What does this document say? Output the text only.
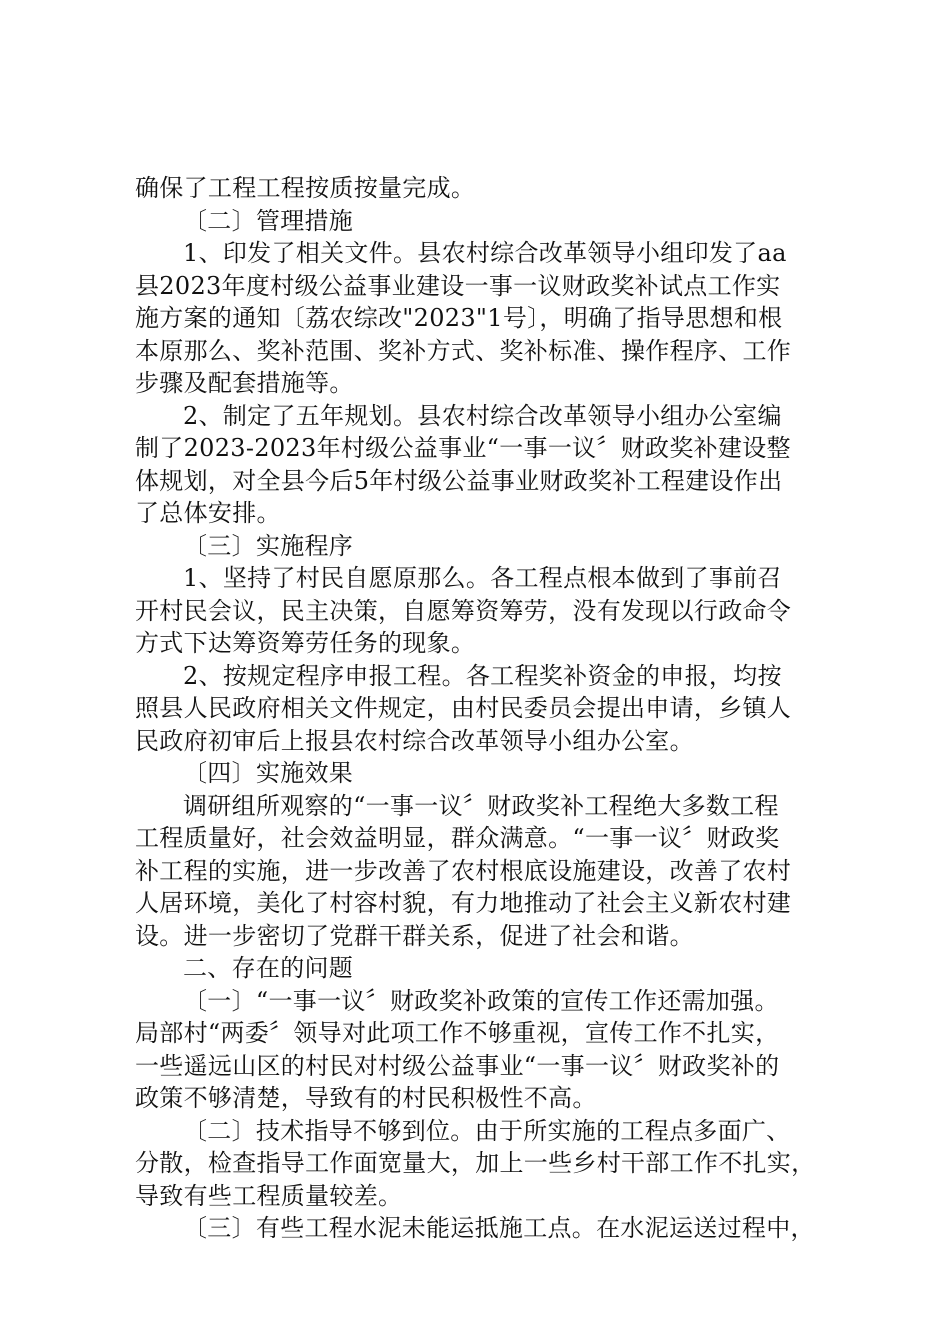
确保了工程工程按质按量完成。
〔二〕管理措施
1、印发了相关文件。县农村综合改革领导小组印发了aa
县2023年度村级公益事业建设一事一议财政奖补试点工作实
施方案的通知〔荔农综改"2023"1号〕，明确了指导思想和根
本原那么、奖补范围、奖补方式、奖补标准、操作程序、工作
步骤及配套措施等。
2、制定了五年规划。县农村综合改革领导小组办公室编
制了2023-2023年村级公益事业“一事一议〞财政奖补建设整
体规划，对全县今后5年村级公益事业财政奖补工程建设作出
了总体安排。
〔三〕实施程序
1、坚持了村民自愿原那么。各工程点根本做到了事前召
开村民会议，民主决策，自愿筹资筹劳，没有发现以行政命令
方式下达筹资筹劳任务的现象。
2、按规定程序申报工程。各工程奖补资金的申报，均按
照县人民政府相关文件规定，由村民委员会提出申请，乡镇人
民政府初审后上报县农村综合改革领导小组办公室。
〔四〕实施效果
调研组所观察的“一事一议〞财政奖补工程绝大多数工程
工程质量好，社会效益明显，群众满意。“一事一议〞财政奖
补工程的实施，进一步改善了农村根底设施建设，改善了农村
人居环境，美化了村容村貌，有力地推动了社会主义新农村建
设。进一步密切了党群干群关系，促进了社会和谐。
二、存在的问题
〔一〕“一事一议〞财政奖补政策的宣传工作还需加强。
局部村“两委〞领导对此项工作不够重视，宣传工作不扎实，
一些遥远山区的村民对村级公益事业“一事一议〞财政奖补的
政策不够清楚，导致有的村民积极性不高。
〔二〕技术指导不够到位。由于所实施的工程点多面广、
分散，检查指导工作面宽量大，加上一些乡村干部工作不扎实，
导致有些工程质量较差。
〔三〕有些工程水泥未能运抵施工点。在水泥运送过程中，
